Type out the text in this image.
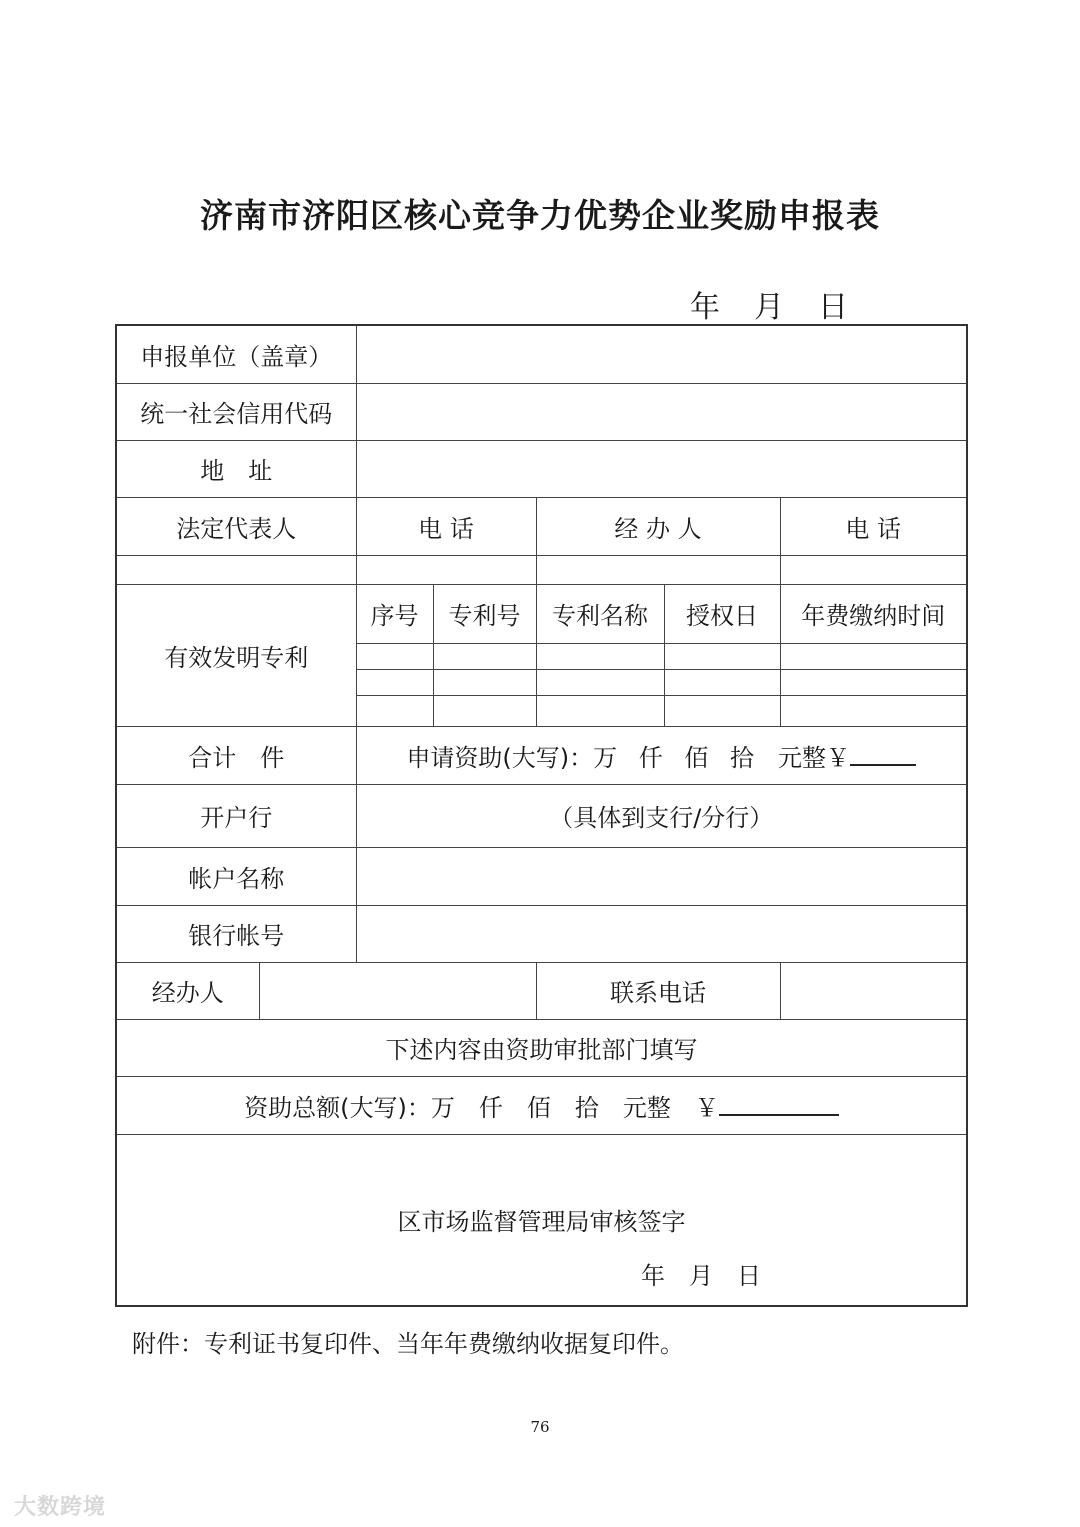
济南市济阳区核心竞争力优势企业奖励申报表
年　月　日
申报单位（盖章）						
统一社会信用代码						
地　址						
法定代表人		电 话		经 办 人		电 话

有效发明专利		序号	专利号	专利名称	授权日	年费缴纳时间

合计　件		申请资助(大写)：万 仟 佰 拾　元整￥				
开户行		（具体到支行/分行）				
帐户名称						
银行帐号						
经办人				联系电话		
下述内容由资助审批部门填写						
资助总额(大写)：万　仟　佰　拾　元整　￥						
区市场监督管理局审核签字
年　月　日						
附件：专利证书复印件、当年年费缴纳收据复印件。
76
大数跨境
